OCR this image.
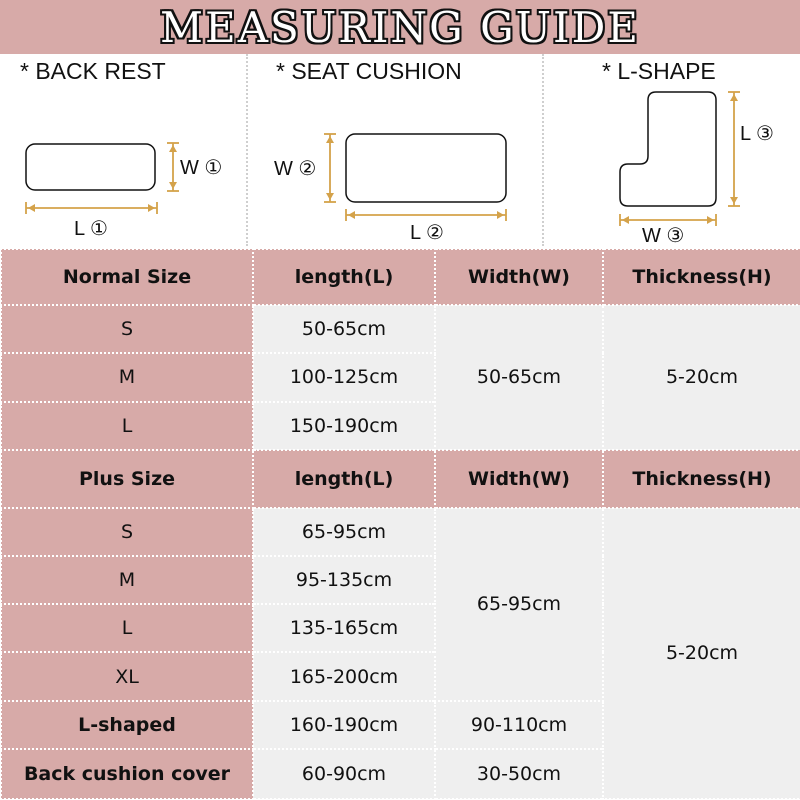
MEASURING GUIDE
* BACK REST
W ①
L ①
* SEAT CUSHION
W ②
L ②
* L-SHAPE
L ③
W ③
Normal Size	length(L)	Width(W)	Thickness(H)
S	50-65cm	50-65cm	5-20cm
M	100-125cm		
L	150-190cm		
Plus Size	length(L)	Width(W)	Thickness(H)
S	65-95cm	65-95cm	5-20cm
M	95-135cm		
L	135-165cm		
XL	165-200cm		
L-shaped	160-190cm	90-110cm	
Back cushion cover	60-90cm	30-50cm	
